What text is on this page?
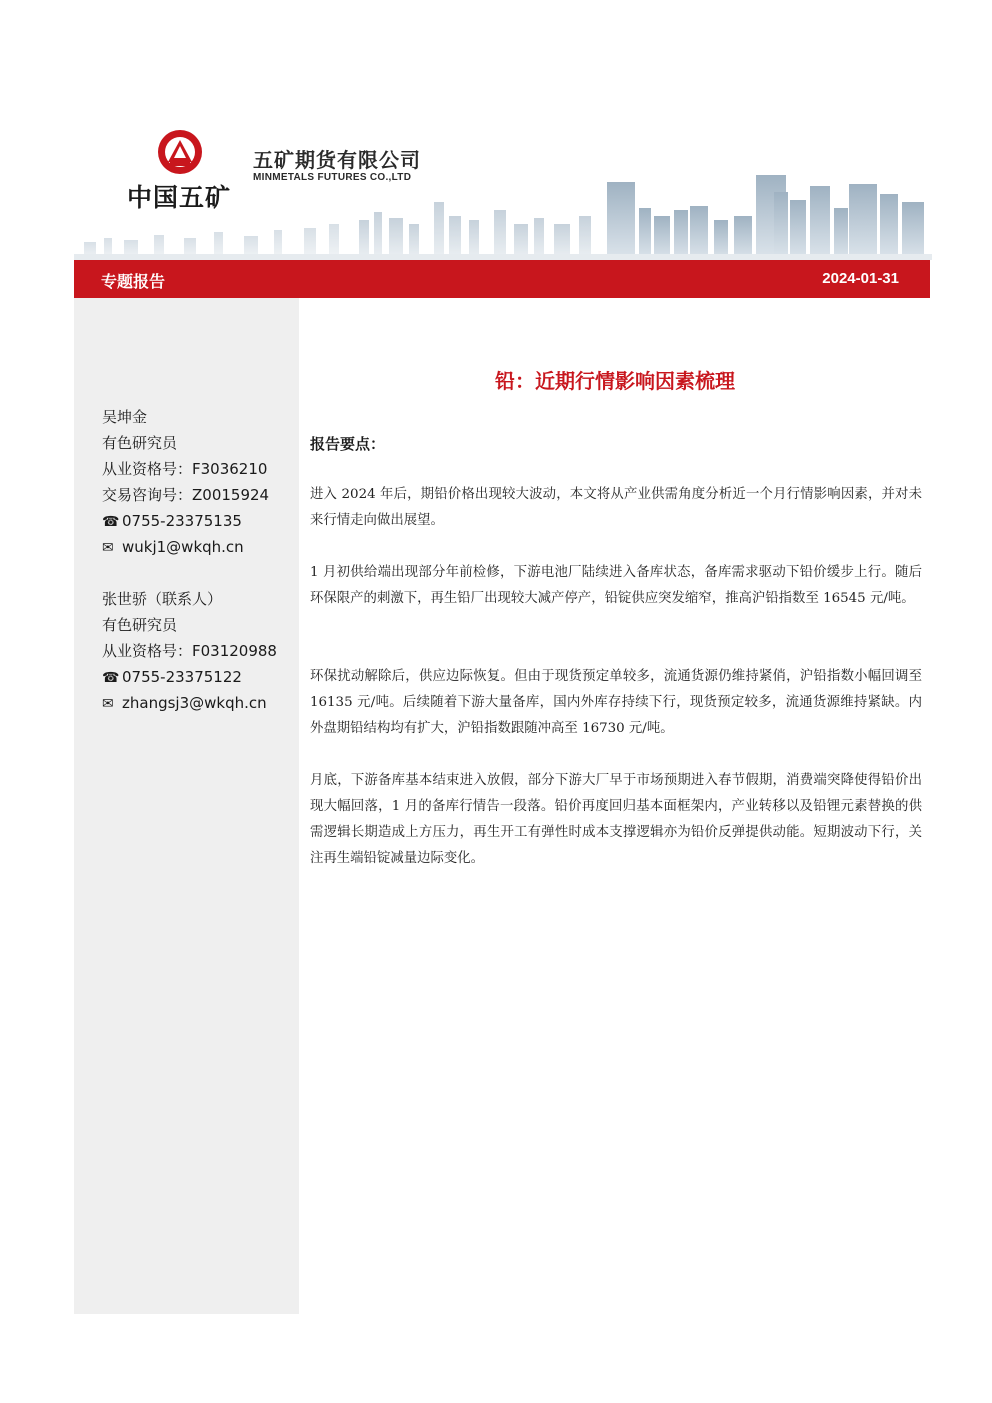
中国五矿
五矿期货有限公司
MINMETALS FUTURES CO.,LTD
专题报告	2024-01-31
吴坤金
有色研究员
从业资格号：F3036210
交易咨询号：Z0015924
☎ 0755-23375135
✉ wukj1@wkqh.cn
张世骄（联系人）
有色研究员
从业资格号：F03120988
☎ 0755-23375122
✉ zhangsj3@wkqh.cn
铅：近期行情影响因素梳理
报告要点：

进入 2024 年后，期铅价格出现较大波动，本文将从产业供需角度分析近一个月行情影响因素，并对未来行情走向做出展望。

1 月初供给端出现部分年前检修，下游电池厂陆续进入备库状态，备库需求驱动下铅价缓步上行。随后环保限产的刺激下，再生铅厂出现较大减产停产，铅锭供应突发缩窄，推高沪铅指数至 16545 元/吨。

环保扰动解除后，供应边际恢复。但由于现货预定单较多，流通货源仍维持紧俏，沪铅指数小幅回调至 16135 元/吨。后续随着下游大量备库，国内外库存持续下行，现货预定较多，流通货源维持紧缺。内外盘期铅结构均有扩大，沪铅指数跟随冲高至 16730 元/吨。

月底，下游备库基本结束进入放假，部分下游大厂早于市场预期进入春节假期，消费端突降使得铅价出现大幅回落，1 月的备库行情告一段落。铅价再度回归基本面框架内，产业转移以及铅锂元素替换的供需逻辑长期造成上方压力，再生开工有弹性时成本支撑逻辑亦为铅价反弹提供动能。短期波动下行，关注再生端铅锭减量边际变化。
